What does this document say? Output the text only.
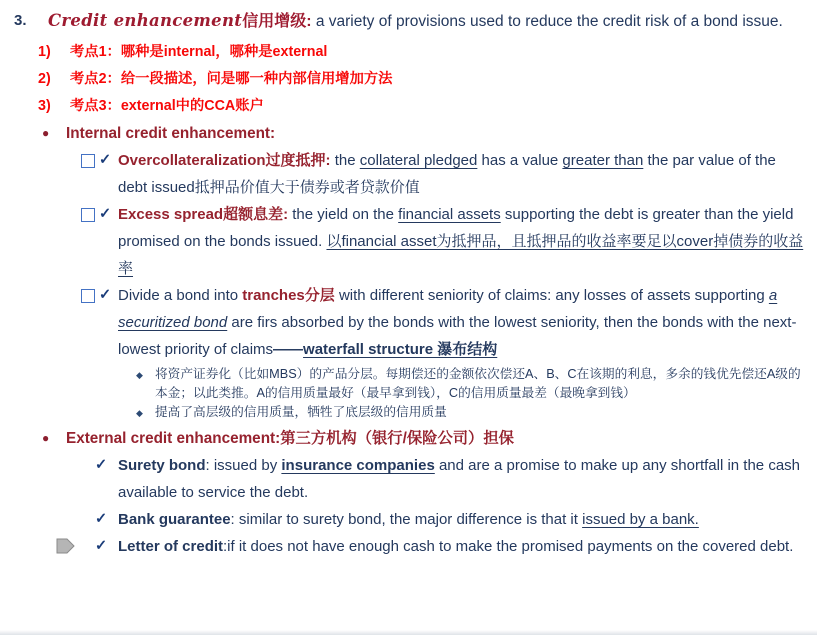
3. Credit enhancement信用增级: a variety of provisions used to reduce the credit risk of a bond issue.
1) 考点1：哪种是internal，哪种是external
2) 考点2：给一段描述，问是哪一种内部信用增加方法
3) 考点3：external中的CCA账户
● Internal credit enhancement:
✓ Overcollateralization过度抵押: the collateral pledged has a value greater than the par value of the debt issued抵押品价值大于债券或者贷款价值
✓ Excess spread超额息差: the yield on the financial assets supporting the debt is greater than the yield promised on the bonds issued. 以financial asset为抵押品，且抵押品的收益率要足以cover掉债券的收益率
✓ Divide a bond into tranches分层 with different seniority of claims: any losses of assets supporting a securitized bond are firs absorbed by the bonds with the lowest seniority, then the bonds with the next- lowest priority of claims——waterfall structure 瀑布结构
◆ 将资产证券化（比如MBS）的产品分层。每期偿还的金额依次偿还A、B、C在该期的利息，多余的钱优先偿还A级的本金；以此类推。A的信用质量最好（最早拿到钱），C的信用质量最差（最晚拿到钱）
◆ 提高了高层级的信用质量，牺牲了底层级的信用质量
● External credit enhancement:第三方机构（银行/保险公司）担保
✓ Surety bond: issued by insurance companies and are a promise to make up any shortfall in the cash available to service the debt.
✓ Bank guarantee: similar to surety bond, the major difference is that it issued by a bank.
✓ Letter of credit:if it does not have enough cash to make the promised payments on the covered debt.
